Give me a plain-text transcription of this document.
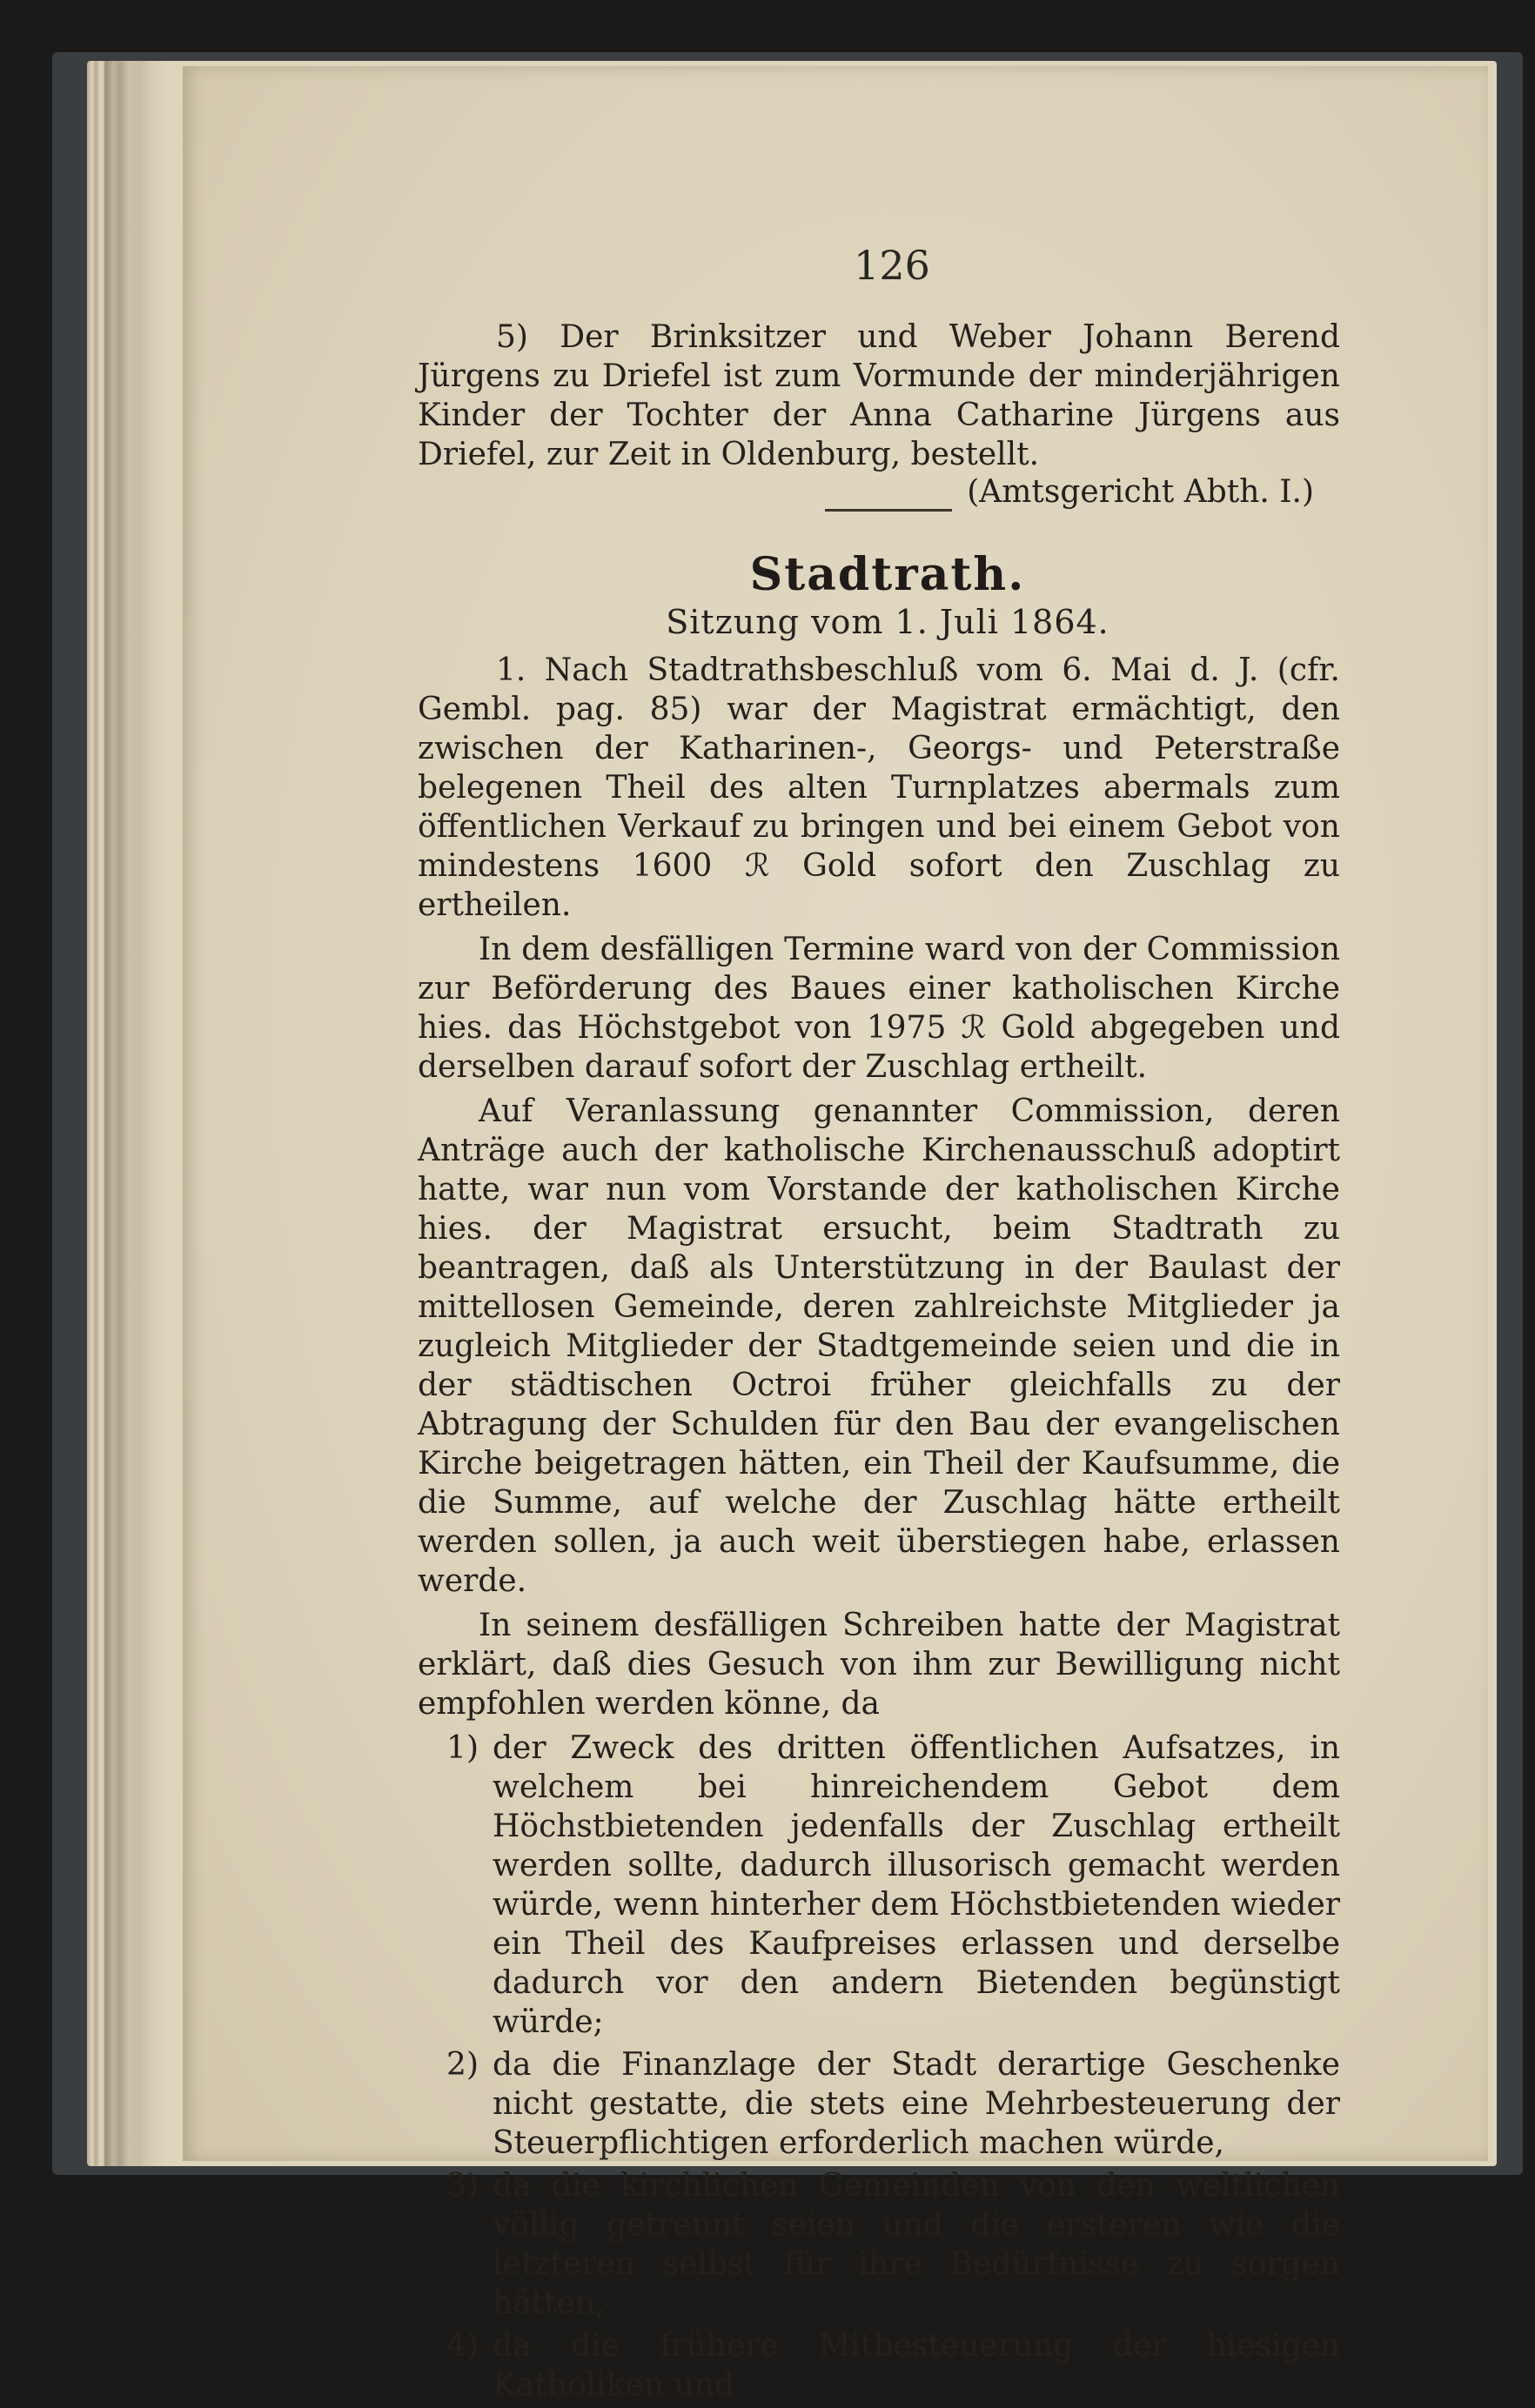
126

5) Der Brinksitzer und Weber Johann Berend Jürgens zu Driefel ist zum Vormunde der minderjährigen Kinder der Tochter der Anna Catharine Jürgens aus Driefel, zur Zeit in Oldenburg, bestellt.

(Amtsgericht Abth. I.)
Stadtrath.
Sitzung vom 1. Juli 1864.

1. Nach Stadtrathsbeschluß vom 6. Mai d. J. (cfr. Gembl. pag. 85) war der Magistrat ermächtigt, den zwischen der Katharinen-, Georgs- und Peterstraße belegenen Theil des alten Turnplatzes abermals zum öffentlichen Verkauf zu bringen und bei einem Gebot von mindestens 1600 ℛ Gold sofort den Zuschlag zu ertheilen.

In dem desfälligen Termine ward von der Commission zur Beförderung des Baues einer katholischen Kirche hies. das Höchstgebot von 1975 ℛ Gold abgegeben und derselben darauf sofort der Zuschlag ertheilt.

Auf Veranlassung genannter Commission, deren Anträge auch der katholische Kirchenausschuß adoptirt hatte, war nun vom Vorstande der katholischen Kirche hies. der Magistrat ersucht, beim Stadtrath zu beantragen, daß als Unterstützung in der Baulast der mittellosen Gemeinde, deren zahlreichste Mitglieder ja zugleich Mitglieder der Stadtgemeinde seien und die in der städtischen Octroi früher gleichfalls zu der Abtragung der Schulden für den Bau der evangelischen Kirche beigetragen hätten, ein Theil der Kaufsumme, die die Summe, auf welche der Zuschlag hätte ertheilt werden sollen, ja auch weit überstiegen habe, erlassen werde.

In seinem desfälligen Schreiben hatte der Magistrat erklärt, daß dies Gesuch von ihm zur Bewilligung nicht empfohlen werden könne, da

1) der Zweck des dritten öffentlichen Aufsatzes, in welchem bei hinreichendem Gebot dem Höchstbietenden jedenfalls der Zuschlag ertheilt werden sollte, dadurch illusorisch gemacht werden würde, wenn hinterher dem Höchstbietenden wieder ein Theil des Kaufpreises erlassen und derselbe dadurch vor den andern Bietenden begünstigt würde;
2) da die Finanzlage der Stadt derartige Geschenke nicht gestatte, die stets eine Mehrbesteuerung der Steuerpflichtigen erforderlich machen würde,
3) da die kirchlichen Gemeinden von den weltlichen völlig getrennt seien und die ersteren wie die letzteren selbst für ihre Bedürfnisse zu sorgen hätten,
4) da die frühere Mitbesteuerung der hiesigen Katholiken und
